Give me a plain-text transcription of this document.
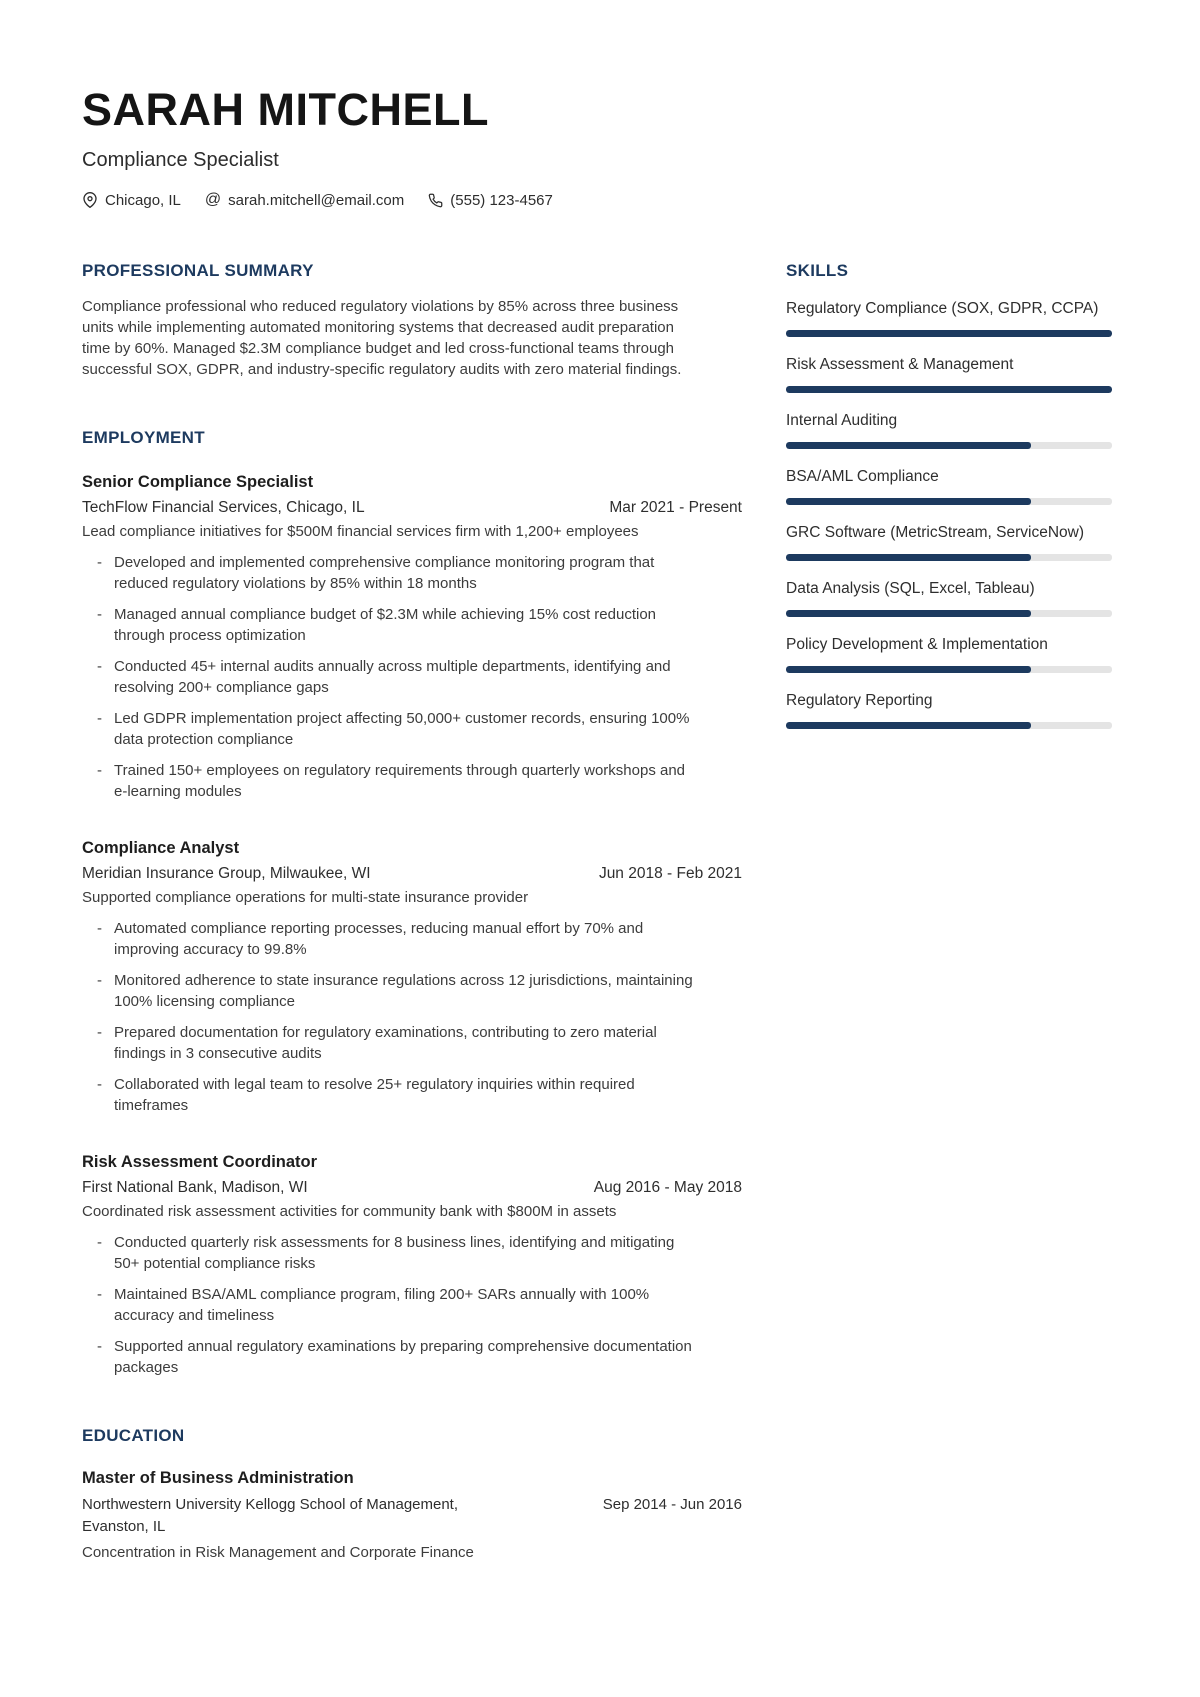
SARAH MITCHELL
Compliance Specialist
Chicago, IL @ sarah.mitchell@email.com	(555) 123-4567
PROFESSIONAL SUMMARY

Compliance professional who reduced regulatory violations by 85% across three business units while implementing automated monitoring systems that decreased audit preparation time by 60%. Managed $2.3M compliance budget and led cross-functional teams through successful SOX, GDPR, and industry-specific regulatory audits with zero material findings.

EMPLOYMENT
Senior Compliance Specialist
TechFlow Financial Services, Chicago, IL	Mar 2021 - Present
Lead compliance initiatives for $500M financial services firm with 1,200+ employees
- Developed and implemented comprehensive compliance monitoring program that reduced regulatory violations by 85% within 18 months
- Managed annual compliance budget of $2.3M while achieving 15% cost reduction through process optimization
- Conducted 45+ internal audits annually across multiple departments, identifying and resolving 200+ compliance gaps
- Led GDPR implementation project affecting 50,000+ customer records, ensuring 100% data protection compliance
- Trained 150+ employees on regulatory requirements through quarterly workshops and e-learning modules
Compliance Analyst
Meridian Insurance Group, Milwaukee, WI	Jun 2018 - Feb 2021
Supported compliance operations for multi-state insurance provider
- Automated compliance reporting processes, reducing manual effort by 70% and improving accuracy to 99.8%
- Monitored adherence to state insurance regulations across 12 jurisdictions, maintaining 100% licensing compliance
- Prepared documentation for regulatory examinations, contributing to zero material findings in 3 consecutive audits
- Collaborated with legal team to resolve 25+ regulatory inquiries within required timeframes
Risk Assessment Coordinator
First National Bank, Madison, WI	Aug 2016 - May 2018
Coordinated risk assessment activities for community bank with $800M in assets
- Conducted quarterly risk assessments for 8 business lines, identifying and mitigating 50+ potential compliance risks
- Maintained BSA/AML compliance program, filing 200+ SARs annually with 100% accuracy and timeliness
- Supported annual regulatory examinations by preparing comprehensive documentation packages
EDUCATION
Master of Business Administration
Northwestern University Kellogg School of Management, Evanston, IL
Sep 2014 - Jun 2016
Concentration in Risk Management and Corporate Finance
SKILLS
Regulatory Compliance (SOX, GDPR, CCPA)
Risk Assessment & Management
Internal Auditing
BSA/AML Compliance
GRC Software (MetricStream, ServiceNow)
Data Analysis (SQL, Excel, Tableau)
Policy Development & Implementation
Regulatory Reporting
